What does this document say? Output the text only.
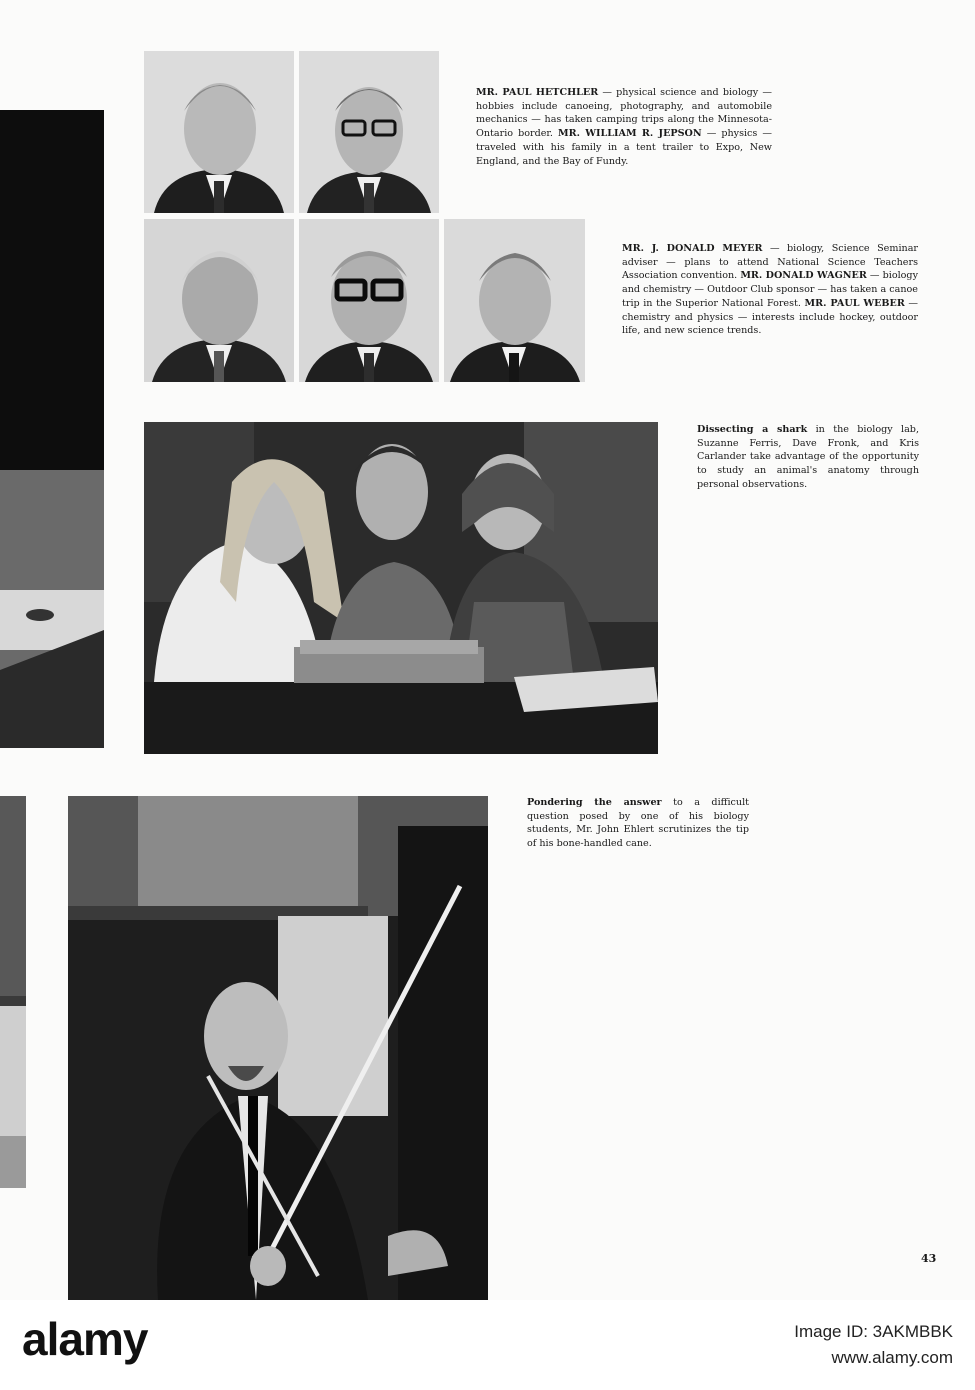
MR. PAUL HETCHLER — physical science and biology — hobbies include canoeing, photography, and automobile mechanics — has taken camping trips along the Minnesota-Ontario border. MR. WILLIAM R. JEPSON — physics — traveled with his family in a tent trailer to Expo, New England, and the Bay of Fundy.
MR. J. DONALD MEYER — biology, Science Seminar adviser — plans to attend National Science Teachers Association convention. MR. DONALD WAGNER — biology and chemistry — Outdoor Club sponsor — has taken a canoe trip in the Superior National Forest. MR. PAUL WEBER — chemistry and physics — interests include hockey, outdoor life, and new science trends.
Dissecting a shark in the biology lab, Suzanne Ferris, Dave Fronk, and Kris Carlander take advantage of the opportunity to study an animal's anatomy through personal observations.
Pondering the answer to a difficult question posed by one of his biology students, Mr. John Ehlert scrutinizes the tip of his bone-handled cane.
43
alamy	Image ID: 3AKMBBK
www.alamy.com
